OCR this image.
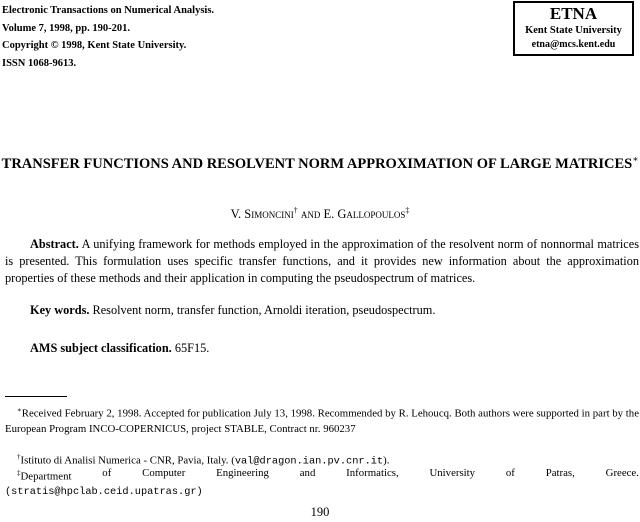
Electronic Transactions on Numerical Analysis.
Volume 7, 1998, pp. 190-201.
Copyright © 1998, Kent State University.
ISSN 1068-9613.
ETNA
Kent State University
etna@mcs.kent.edu
TRANSFER FUNCTIONS AND RESOLVENT NORM APPROXIMATION OF LARGE MATRICES∗
V. Simoncini† and E. Gallopoulos‡
Abstract. A unifying framework for methods employed in the approximation of the resolvent norm of nonnormal matrices is presented. This formulation uses specific transfer functions, and it provides new information about the approximation properties of these methods and their application in computing the pseudospectrum of matrices.
Key words. Resolvent norm, transfer function, Arnoldi iteration, pseudospectrum.
AMS subject classification. 65F15.
∗Received February 2, 1998. Accepted for publication July 13, 1998. Recommended by R. Lehoucq. Both authors were supported in part by the European Program INCO-COPERNICUS, project STABLE, Contract nr. 960237
†Istituto di Analisi Numerica - CNR, Pavia, Italy. (val@dragon.ian.pv.cnr.it).
‡Department	of	Computer	Engineering	and	Informatics,	University	of	Patras,	Greece.
(stratis@hpclab.ceid.upatras.gr)
190
